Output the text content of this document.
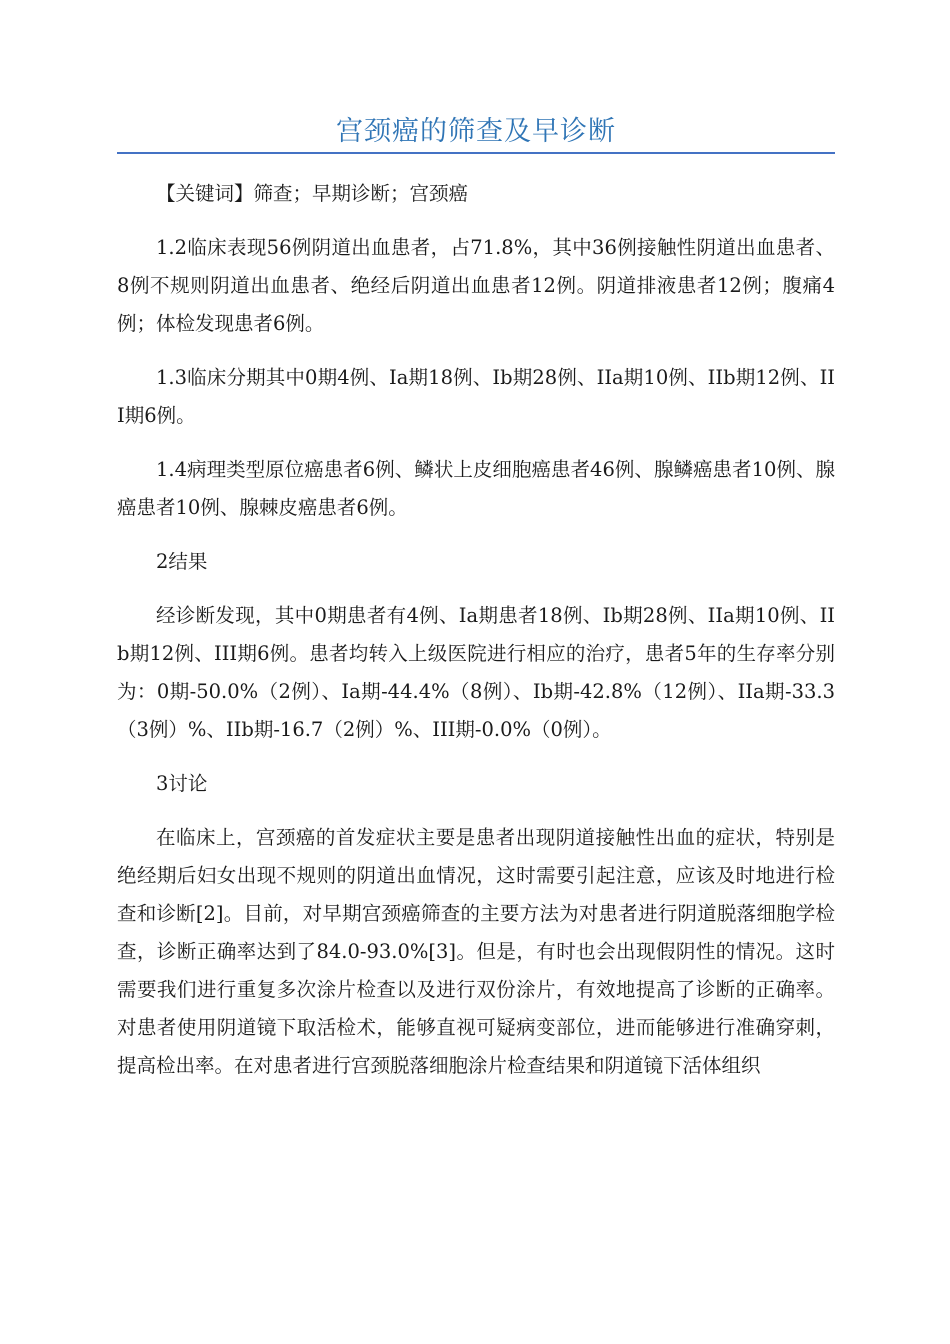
宫颈癌的筛查及早诊断

【关键词】筛查；早期诊断；宫颈癌

1.2临床表现56例阴道出血患者，占71.8%，其中36例接触性阴道出血患者、8例不规则阴道出血患者、绝经后阴道出血患者12例。阴道排液患者12例；腹痛4例；体检发现患者6例。

1.3临床分期其中0期4例、Ia期18例、Ib期28例、IIa期10例、IIb期12例、III期6例。

1.4病理类型原位癌患者6例、鳞状上皮细胞癌患者46例、腺鳞癌患者10例、腺癌患者10例、腺棘皮癌患者6例。

2结果

经诊断发现，其中0期患者有4例、Ia期患者18例、Ib期28例、IIa期10例、IIb期12例、III期6例。患者均转入上级医院进行相应的治疗，患者5年的生存率分别为：0期-50.0%（2例）、Ia期-44.4%（8例）、Ib期-42.8%（12例）、IIa期-33.3（3例）%、IIb期-16.7（2例）%、III期-0.0%（0例）。

3讨论

在临床上，宫颈癌的首发症状主要是患者出现阴道接触性出血的症状，特别是绝经期后妇女出现不规则的阴道出血情况，这时需要引起注意，应该及时地进行检查和诊断[2]。目前，对早期宫颈癌筛查的主要方法为对患者进行阴道脱落细胞学检查，诊断正确率达到了84.0-93.0%[3]。但是，有时也会出现假阴性的情况。这时需要我们进行重复多次涂片检查以及进行双份涂片，有效地提高了诊断的正确率。对患者使用阴道镜下取活检术，能够直视可疑病变部位，进而能够进行准确穿刺，提高检出率。在对患者进行宫颈脱落细胞涂片检查结果和阴道镜下活体组织
